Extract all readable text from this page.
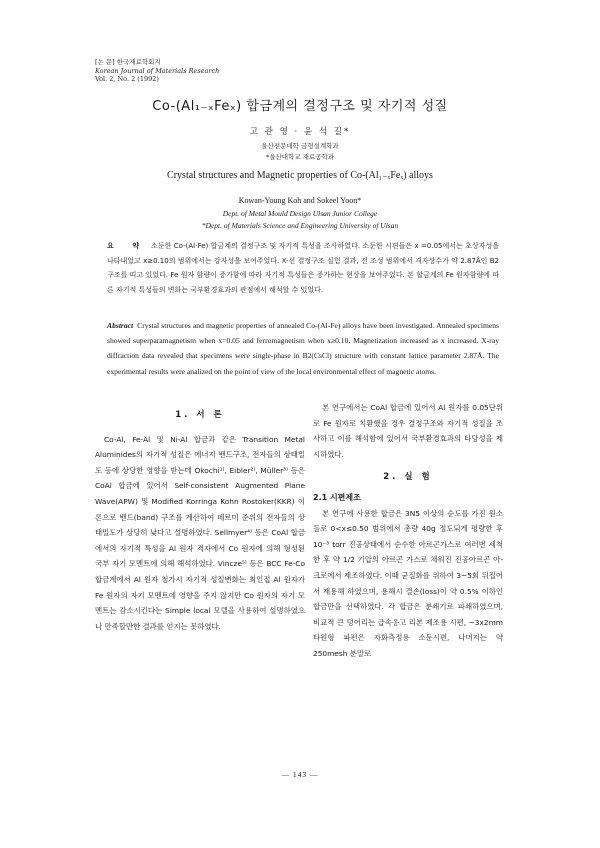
[논 문] 한국재료학회지
Korean Journal of Materials Research
Vol. 2, No. 2 (1992)
Co-(Al₁₋ₓFeₓ) 합금계의 결정구조 및 자기적 성질
고 관 영 · 윤 석 길*
울산전문대학 금형설계학과
*울산대학교 재료공학과
Crystal structures and Magnetic properties of Co-(Al₁₋ₓFeₓ) alloys
Kowan-Young Koh and Sokeel Yoon*
Dept. of Metal Mould Design Ulsan Junior College
*Dept. of Materials Science and Engineering University of Ulsan
요 약 소둔한 Co-(Al-Fe) 합금계의 결정구조 및 자기적 특성을 조사하였다. 소둔한 시편들은 x =0.05에서는 초상자성을 나타내었고 x≥0.10의 범위에서는 강자성을 보여주었다. X-선 결정구조 실험 결과, 전 조성 범위에서 격자상수가 약 2.87Å인 B2 구조를 띠고 있었다. Fe 원자 함량이 증가함에 따라 자기적 특성들은 증가하는 현상을 보여주었다. 본 합금계의 Fe 원자함량에 따른 자기적 특성들의 변화는 국부환경효과의 관점에서 해석할 수 있었다.
Abstract Crystal structures and magnetic properties of annealed Co-(Al-Fe) alloys have been investigated. Annealed specimens showed superparamagnetism when x=0.05 and ferromagnetism when x≥0.10. Magnetization increased as x increased. X-ray diffraction data revealed that specimens were single-phase in B2(CsCl) structure with constant lattice parameter 2.87Å. The experimental results were analized on the point of view of the local environmental effect of magnetic atoms.
1. 서 론

Co-Al, Fe-Al 및 Ni-Al 합금과 같은 Transition Metal Aluminides의 자기적 성질은 에너지 밴드구조, 전자들의 상태밀도 등에 상당한 영향을 받는데 Okochi¹⁾, Eibler²⁾, Müller³⁾ 등은 CoAl 합금에 있어서 Self-consistent Augmented Plane Wave(APW) 및 Modified Korringa Kohn Rostoker(KKR) 이론으로 밴드(band) 구조를 계산하여 페르미 준위의 전자들의 상태밀도가 상당히 낮다고 설명하였다. Sellmyer⁴⁾ 등은 CoAl 합금에서의 자기적 특성을 Al 원자 격자에서 Co 원자에 의해 형성된 국부 자기 모멘트에 의해 해석하였다. Vincze⁵⁾ 등은 BCC Fe-Co 합금계에서 Al 원자 첨가시 자기적 성질변화는 최인접 Al 원자가 Fe 원자의 자기 모멘트에 영향을 주지 않지만 Co 원자의 자기 모멘트는 감소시킨다는 Simple local 모델을 사용하여 설명하였으나 만족할만한 결과를 얻지는 못하였다.

본 연구에서는 CoAl 합금에 있어서 Al 원자를 0.05단위로 Fe 원자로 치환했을 경우 결정구조와 자기적 성질을 조사하고 이를 해석함에 있어서 국부환경효과의 타당성을 제시하였다.

2. 실 험
2.1 시편제조

본 연구에 사용한 합금은 3N5 이상의 순도를 가진 원소들로 0<x≤0.50 범위에서 총량 40g 정도되게 평량한 후 10⁻³ torr 진공상태에서 순수한 아르곤가스로 여러번 세척한 후 약 1/2 기압의 아르곤 가스로 채워진 진공아르곤 아-크로에서 제조하였다. 이때 균질화를 위하여 3~5회 뒤집어서 재용해 하였으며, 용해시 결손(loss)이 약 0.5% 이하인 합금만을 선택하였다. 각 합금은 분쇄기로 파쇄하였으며, 비교적 큰 덩어리는 급속응고 리본 제조용 시편, ~3x2mm 타원형 파편은 자화측정용 소둔시편, 나머지는 약 250mesh 분말로

— 143 —
